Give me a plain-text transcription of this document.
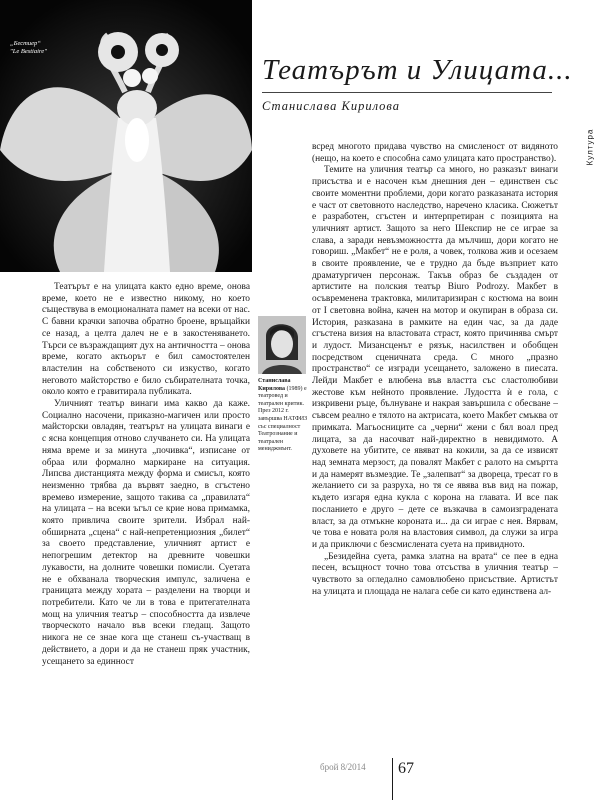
„Бестиер“
"Le Bestiaire"
Театърът и Улицата...
Станислава Кирилова
Култура

Театърът е на улицата както едно време, онова време, което не е известно никому, но което съществува в емоционалната памет на всеки от нас. С бавни крачки започва обратно броене, връщайки се назад, а целта далеч не е в закостеняването. Търси се възраждащият дух на античността – онова време, когато актьорът е бил самостоятелен властелин на собственото си изкуство, когато неговото майсторство е било събирателната точка, около която е гравитирала публиката.

Уличният театър винаги има какво да каже. Социално насочени, приказно-магичен или просто майсторски овладян, театърът на улицата винаги е с ясна концепция отново случването си. На улицата няма време и за минута „почивка“, изписане от обраа или формално маркиране на ситуация. Липсва дистанцията между форма и смисъл, която неизменно трябва да вървят заедно, в сгъстено времево измерение, защото такива са „правилата“ на улицата – на всеки ъгъл се крие нова примамка, която привлича своите зрители. Избрал най-обширната „сцена“ с най-непретенциозния „билет“ за своето представление, уличният артист е непогрешим детектор на древните човешки лукавости, на долните човешки помисли. Суетата не е обхванала творческия импулс, заличена е границата между хората – разделени на творци и потребители. Като че ли в това е притегателната мощ на уличния театър – способността да извлече творческото начало във всеки гледащ. Защото никога не се знае кога ще станеш съ-участващ в действието, а дори и да не станеш пряк участник, усещането за единност

Станислава Кирилова (1989) е театровед и театрален критик. През 2012 г. завършва НАТФИЗ със специалност Театрознание и театрален мениджмънт.

всред многото придава чувство на смисленост от видяното (нещо, на което е способна само улицата като пространство).

Темите на уличния театър са много, но разказът винаги присъства и е насочен към днешния ден – единствен със своите моментни проблеми, дори когато разказаната история е част от световното наследство, наречено класика. Сюжетът е разработен, сгъстен и интерпретиран с позицията на уличният артист. Защото за него Шекспир не се играе за слава, а заради невъзможността да мълчиш, дори когато не говориш. „Макбет“ не е роля, а човек, толкова жив и осезаем в своите проявление, че е трудно да бъде възприет като драматургичен персонаж. Такъв образ бе създаден от артистите на полския театър Biuro Podrozy. Макбет в осъвременена трактовка, милитаризиран с костюма на воин от I световна война, качен на мотор и окупиран в образа си. История, разказана в рамките на един час, за да даде сгъстена визия на властовата страст, която причинява смърт и лудост. Мизансценът е рязък, насилствен и обобщен посредством сценичната среда. С много „празно пространство“ се изгради усещането, заложено в пиесата. Лейди Макбет е влюбена във властта със сластолюбиви жестове към нейното проявление. Лудостта ѝ е гола, с изкривени ръце, бълнуване и накрая завършила с обесване – съвсем реално е тялото на актрисата, което Макбет смъква от примката. Магьосниците са „черни“ жени с бял воал пред лицата, за да насочват най-директно в невидимото. А духовете на убитите, се явяват на кокили, за да се извисят над земната мерзост, да повалят Макбет с ралото на смъртта и да намерят възмездие. Те „залепват“ за дворецa, тресат го в желанието си за разруха, но тя се явява във вид на пожар, където изгаря една кукла с корона на главата. И все пак посланието е друго – дете се възкачва в самоизградената власт, за да отмъкне короната и... да си играе с нея. Вярвам, че това е новата роля на властовия символ, да служи за игра и да приключи с безсмислената суета на привидното.

„Безидейна суета, рамка златна на врата“ се пее в една песен, всъщност точно това отсъства в уличния театър – чувството за огледално самовлюбено присъствие. Артистът на улицата и площада не налага себе си като единствена ал-

брой 8/2014 67
